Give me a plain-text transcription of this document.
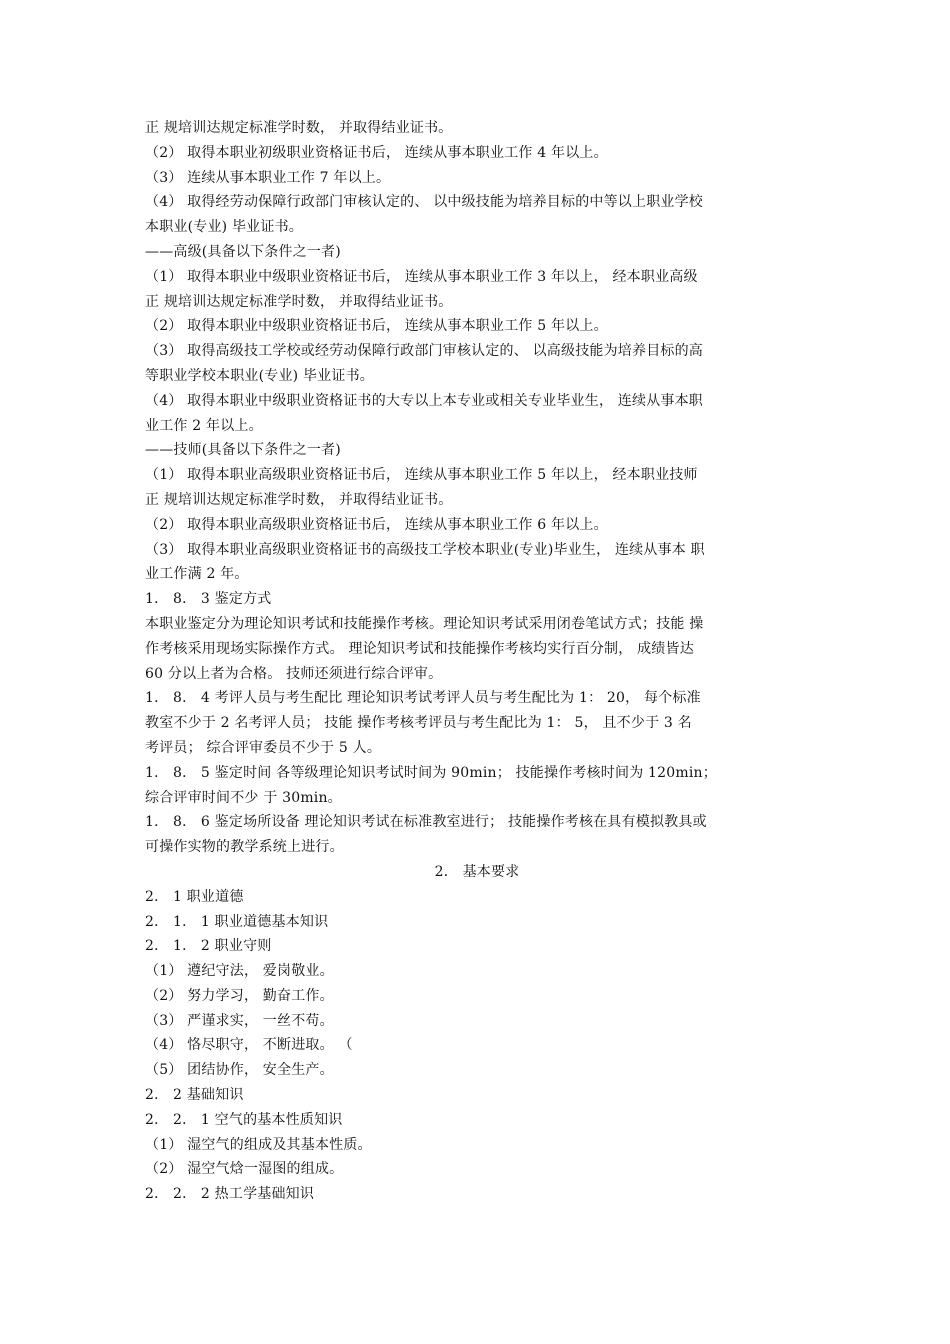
正 规培训达规定标准学时数， 并取得结业证书。
（2） 取得本职业初级职业资格证书后， 连续从事本职业工作 4 年以上。
（3） 连续从事本职业工作 7 年以上。
（4） 取得经劳动保障行政部门审核认定的、 以中级技能为培养目标的中等以上职业学校
本职业(专业) 毕业证书。
——高级(具备以下条件之一者)
（1） 取得本职业中级职业资格证书后， 连续从事本职业工作 3 年以上， 经本职业高级
正 规培训达规定标准学时数， 并取得结业证书。
（2） 取得本职业中级职业资格证书后， 连续从事本职业工作 5 年以上。
（3） 取得高级技工学校或经劳动保障行政部门审核认定的、 以高级技能为培养目标的高
等职业学校本职业(专业) 毕业证书。
（4） 取得本职业中级职业资格证书的大专以上本专业或相关专业毕业生， 连续从事本职
业工作 2 年以上。
——技师(具备以下条件之一者)
（1） 取得本职业高级职业资格证书后， 连续从事本职业工作 5 年以上， 经本职业技师
正 规培训达规定标准学时数， 并取得结业证书。
（2） 取得本职业高级职业资格证书后， 连续从事本职业工作 6 年以上。
（3） 取得本职业高级职业资格证书的高级技工学校本职业(专业)毕业生， 连续从事本 职
业工作满 2 年。
1． 8． 3 鉴定方式
本职业鉴定分为理论知识考试和技能操作考核。理论知识考试采用闭卷笔试方式；技能 操
作考核采用现场实际操作方式。 理论知识考试和技能操作考核均实行百分制， 成绩皆达
60 分以上者为合格。 技师还须进行综合评审。
1． 8． 4 考评人员与考生配比 理论知识考试考评人员与考生配比为 1： 20， 每个标准
教室不少于 2 名考评人员； 技能 操作考核考评员与考生配比为 1： 5， 且不少于 3 名
考评员； 综合评审委员不少于 5 人。
1． 8． 5 鉴定时间 各等级理论知识考试时间为 90min； 技能操作考核时间为 120min；
综合评审时间不少 于 30min。
1． 8． 6 鉴定场所设备 理论知识考试在标准教室进行； 技能操作考核在具有模拟教具或
可操作实物的教学系统上进行。
2． 基本要求
2． 1 职业道德
2． 1． 1 职业道德基本知识
2． 1． 2 职业守则
（1） 遵纪守法， 爱岗敬业。
（2） 努力学习， 勤奋工作。
（3） 严谨求实， 一丝不苟。
（4） 恪尽职守， 不断进取。 （
（5） 团结协作， 安全生产。
2． 2 基础知识
2． 2． 1 空气的基本性质知识
（1） 湿空气的组成及其基本性质。
（2） 湿空气焓一湿图的组成。
2． 2． 2 热工学基础知识
